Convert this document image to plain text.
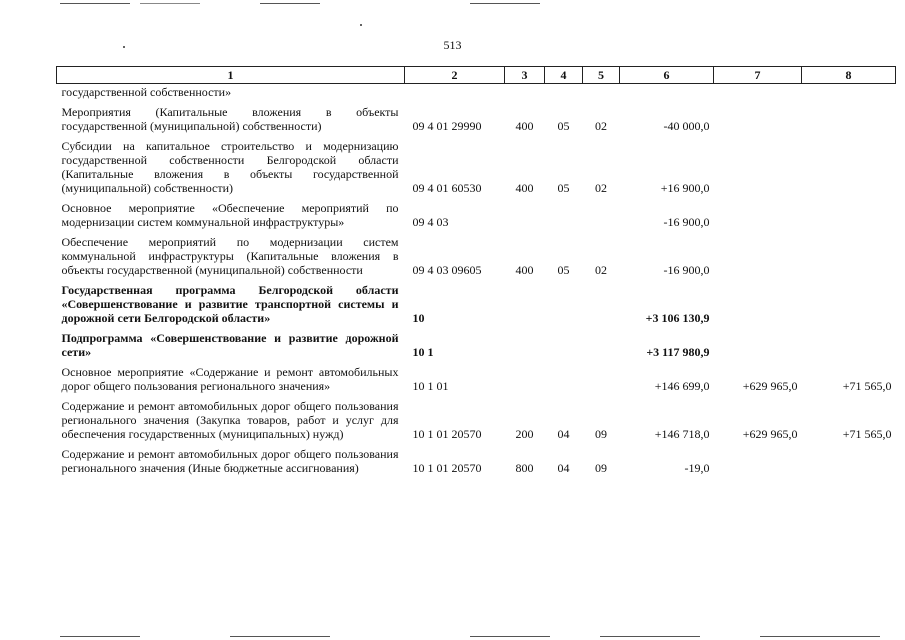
513
1	2	3	4	5	6	7	8
государственной собственности»							
Мероприятия (Капитальные вложения в объекты государственной (муниципальной) собственности)	09 4 01 29990	400	05	02	-40 000,0		
Субсидии на капитальное строительство и модернизацию государственной собственности Белгородской области (Капитальные вложения в объекты государственной (муниципальной) собственности)	09 4 01 60530	400	05	02	+16 900,0		
Основное мероприятие «Обеспечение мероприятий по модернизации систем коммунальной инфраструктуры»	09 4 03				-16 900,0		
Обеспечение мероприятий по модернизации систем коммунальной инфраструктуры (Капитальные вложения в объекты государственной (муниципальной) собственности	09 4 03 09605	400	05	02	-16 900,0		
Государственная программа Белгородской области «Совершенствование и развитие транспортной системы и дорожной сети Белгородской области»	10				+3 106 130,9		
Подпрограмма «Совершенствование и развитие дорожной сети»	10 1				+3 117 980,9		
Основное мероприятие «Содержание и ремонт автомобильных дорог общего пользования регионального значения»	10 1 01				+146 699,0	+629 965,0	+71 565,0
Содержание и ремонт автомобильных дорог общего пользования регионального значения (Закупка товаров, работ и услуг для обеспечения государственных (муниципальных) нужд)	10 1 01 20570	200	04	09	+146 718,0	+629 965,0	+71 565,0
Содержание и ремонт автомобильных дорог общего пользования регионального значения (Иные бюджетные ассигнования)	10 1 01 20570	800	04	09	-19,0		
